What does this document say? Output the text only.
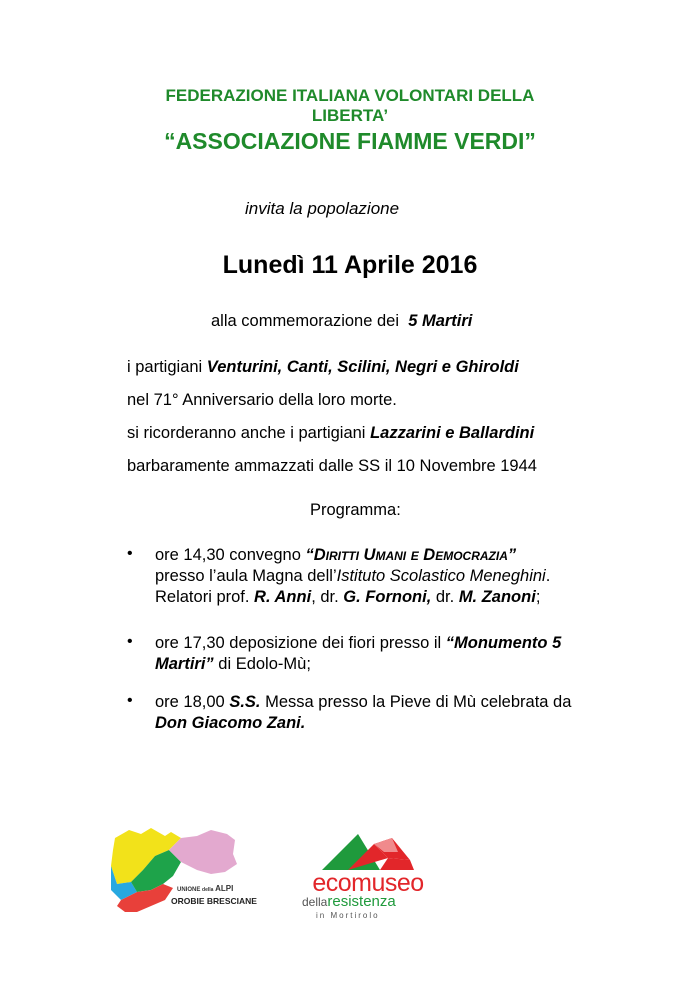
FEDERAZIONE ITALIANA VOLONTARI DELLA
LIBERTA’
“ASSOCIAZIONE FIAMME VERDI”
invita la popolazione
Lunedì 11 Aprile 2016
alla commemorazione dei 5 Martiri
i partigiani Venturini, Canti, Scilini, Negri e Ghiroldi
nel 71° Anniversario della loro morte.
si ricorderanno anche i partigiani Lazzarini e Ballardini
barbaramente ammazzati dalle SS il 10 Novembre 1944
Programma:
• ore 14,30 convegno “Diritti Umani e Democrazia”
presso l’aula Magna dell’Istituto Scolastico Meneghini.
Relatori prof. R. Anni, dr. G. Fornoni, dr. M. Zanoni;
• ore 17,30 deposizione dei fiori presso il “Monumento 5
Martiri” di Edolo-Mù;
• ore 18,00 S.S. Messa presso la Pieve di Mù celebrata da
Don Giacomo Zani.
UNIONE della ALPI
OROBIE BRESCIANE
ecomuseo
dellaresistenza
in Mortirolo
